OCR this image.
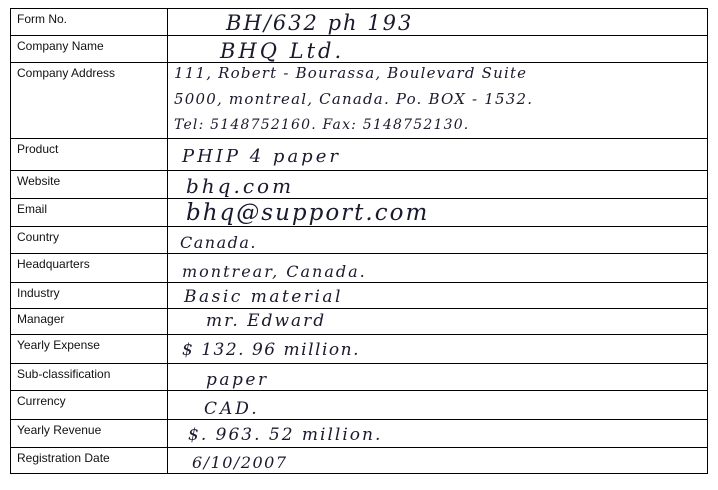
Form No.	BH/632 ph 193
Company Name	BHQ Ltd.
Company Address	111, Robert - Bourassa, Boulevard Suite
5000, montreal, Canada. Po. BOX - 1532.
Tel: 5148752160. Fax: 5148752130.
Product	PHIP 4 paper
Website	bhq.com
Email	bhq@support.com
Country	Canada.
Headquarters	montrear, Canada.
Industry	Basic material
Manager	mr. Edward
Yearly Expense	$ 132. 96 million.
Sub-classification	paper
Currency	CAD.
Yearly Revenue	$. 963. 52 million.
Registration Date	6/10/2007
